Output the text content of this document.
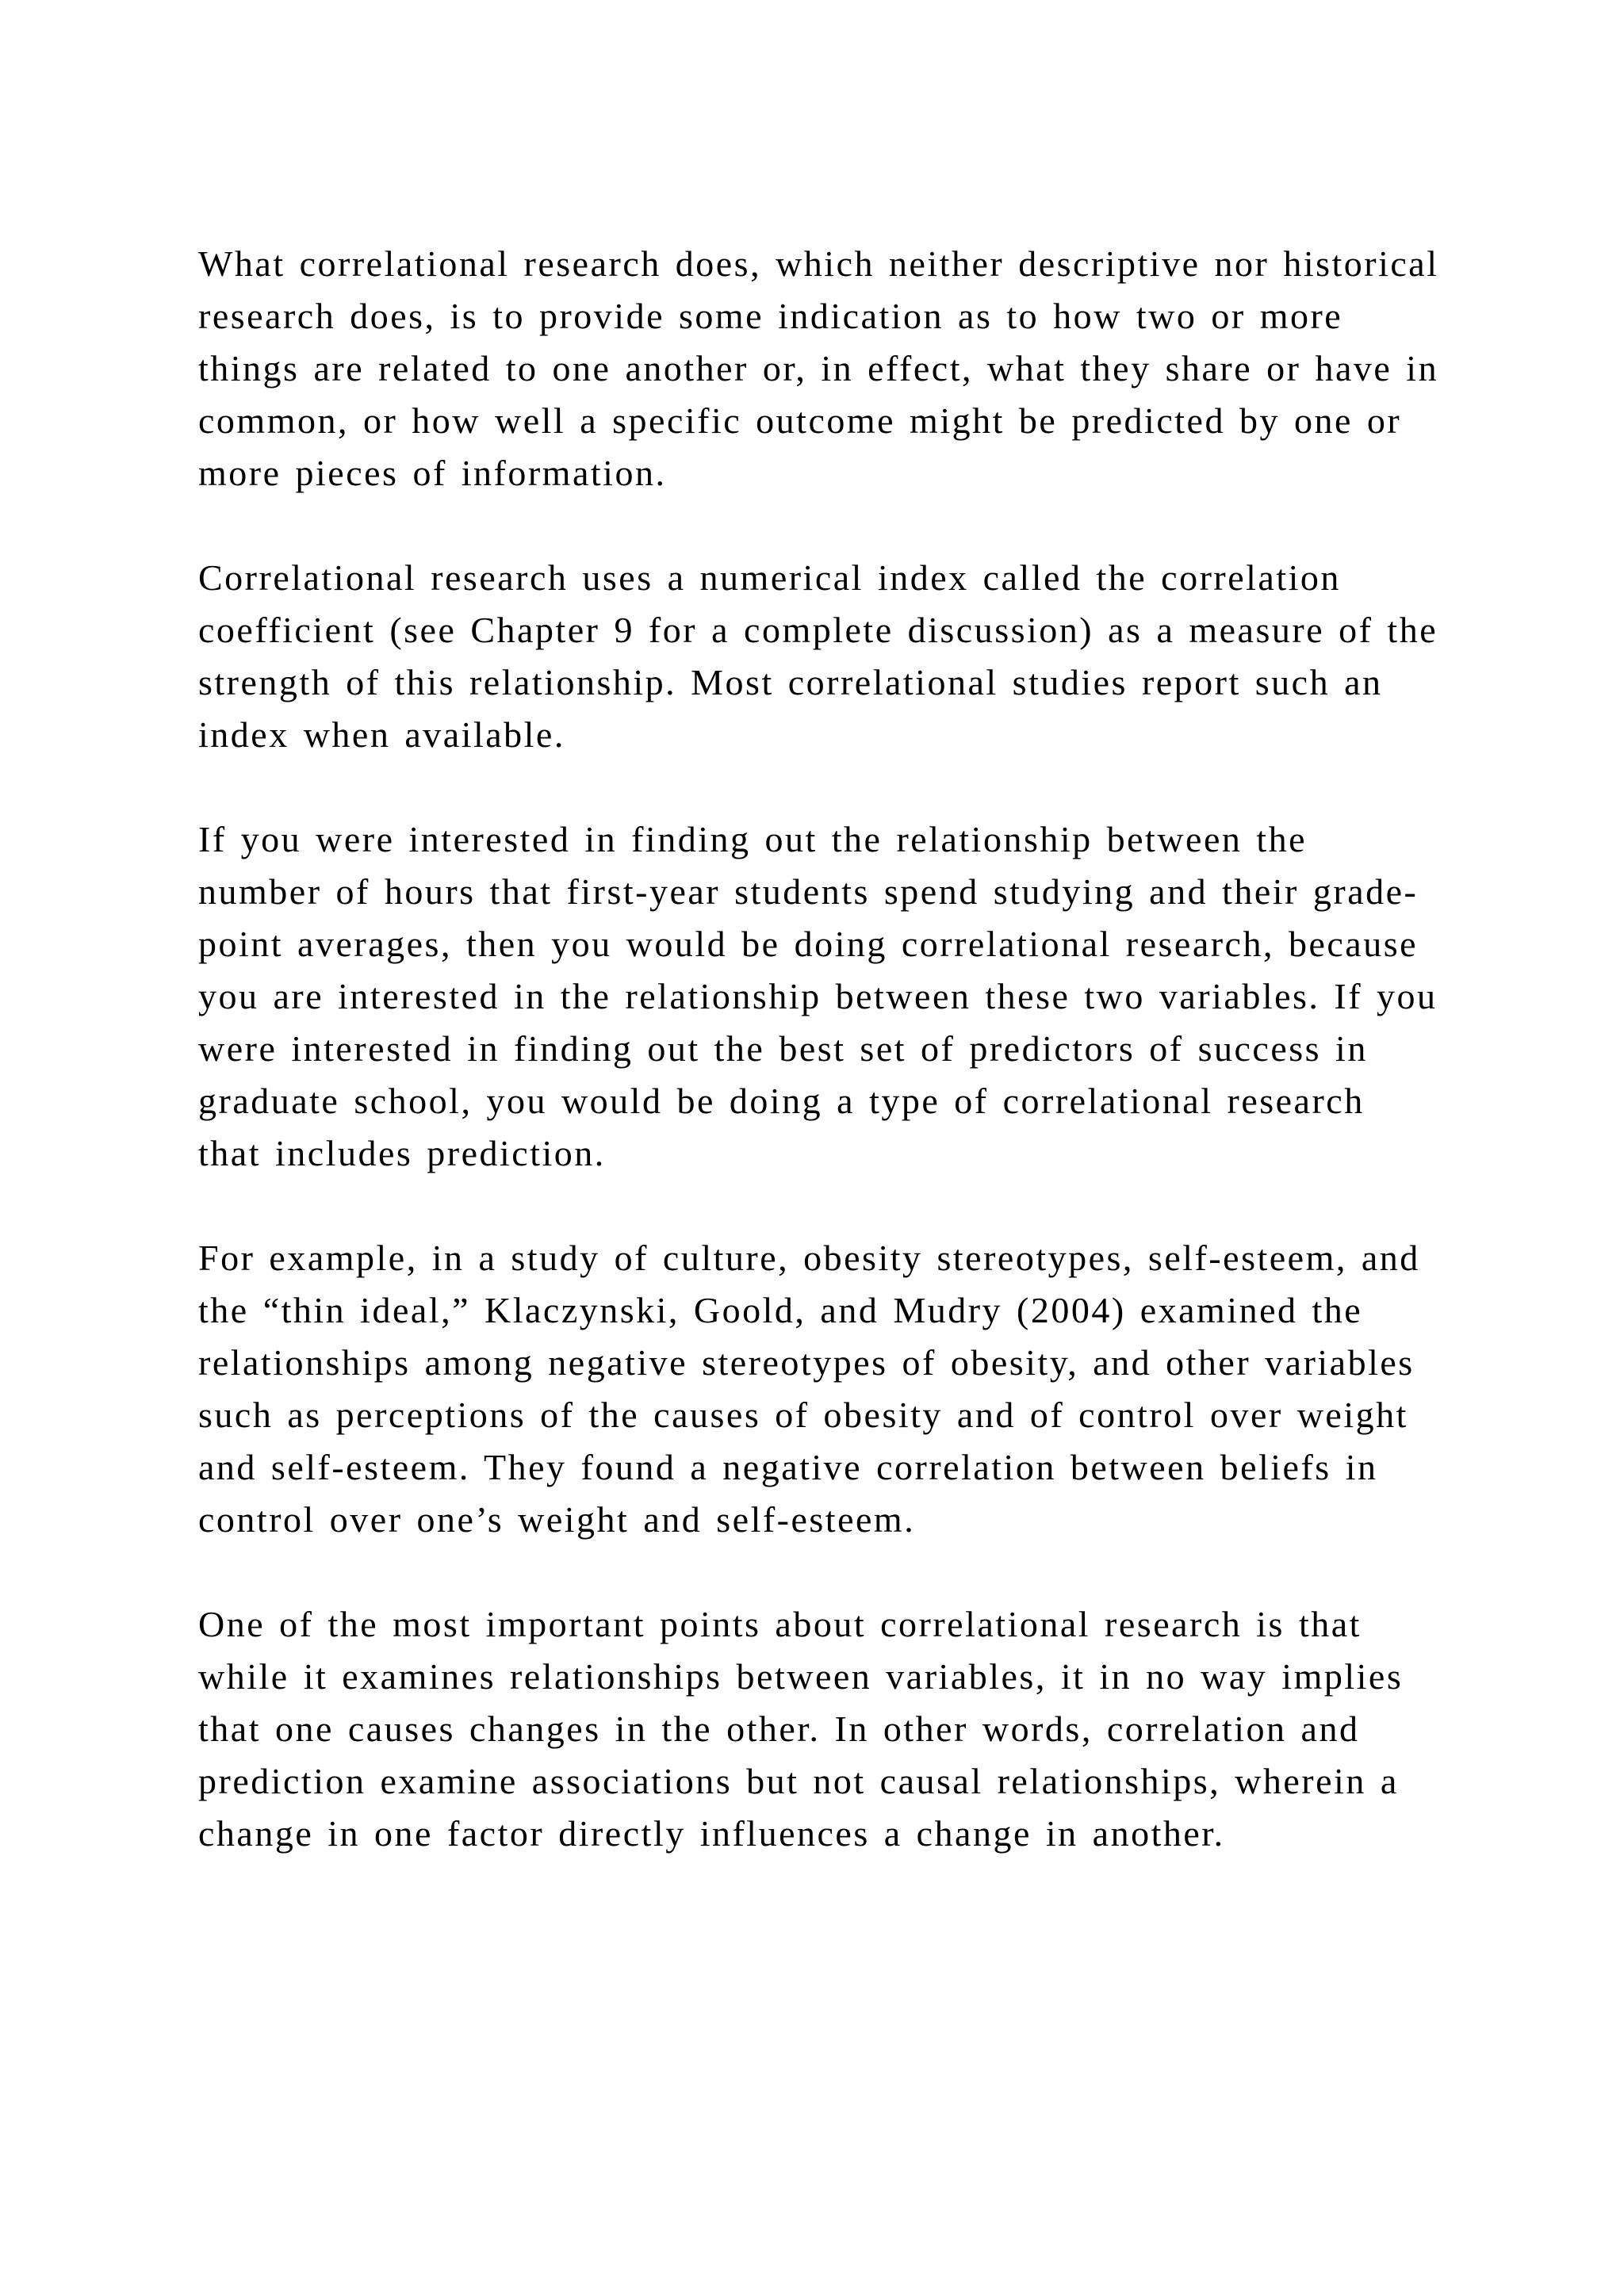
What correlational research does, which neither descriptive nor historical research does, is to provide some indication as to how two or more things are related to one another or, in effect, what they share or have in common, or how well a specific outcome might be predicted by one or more pieces of information.

Correlational research uses a numerical index called the correlation coefficient (see Chapter 9 for a complete discussion) as a measure of the strength of this relationship. Most correlational studies report such an index when available.

If you were interested in finding out the relationship between the number of hours that first-year students spend studying and their grade-point averages, then you would be doing correlational research, because you are interested in the relationship between these two variables. If you were interested in finding out the best set of predictors of success in graduate school, you would be doing a type of correlational research that includes prediction.

For example, in a study of culture, obesity stereotypes, self-esteem, and the “thin ideal,” Klaczynski, Goold, and Mudry (2004) examined the relationships among negative stereotypes of obesity, and other variables such as perceptions of the causes of obesity and of control over weight and self-esteem. They found a negative correlation between beliefs in control over one’s weight and self-esteem.

One of the most important points about correlational research is that while it examines relationships between variables, it in no way implies that one causes changes in the other. In other words, correlation and prediction examine associations but not causal relationships, wherein a change in one factor directly influences a change in another.
